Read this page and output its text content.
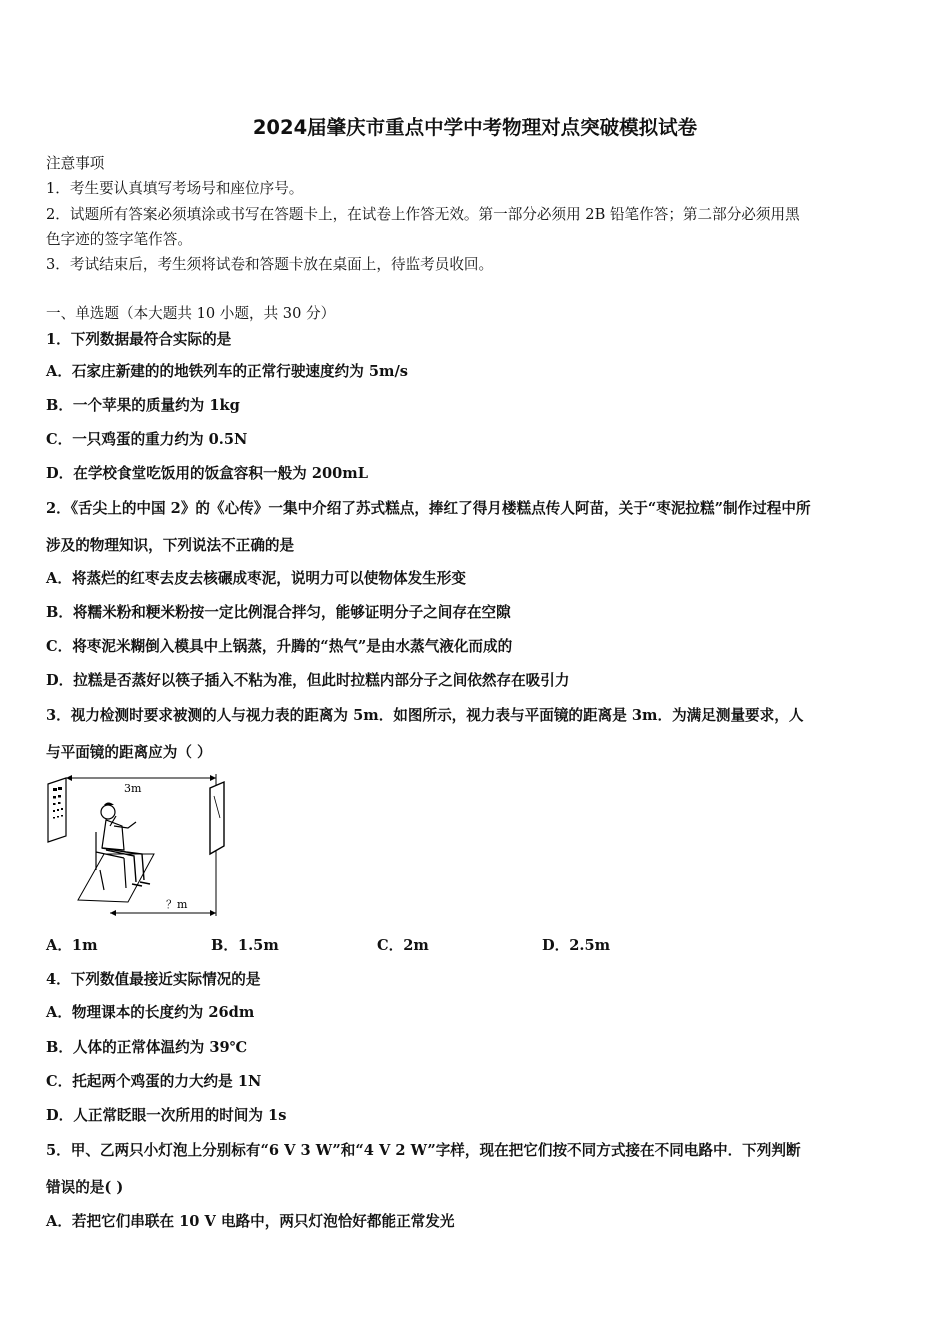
2024届肇庆市重点中学中考物理对点突破模拟试卷
注意事项
1．考生要认真填写考场号和座位序号。
2．试题所有答案必须填涂或书写在答题卡上，在试卷上作答无效。第一部分必须用 2B 铅笔作答；第二部分必须用黑
色字迹的签字笔作答。
3．考试结束后，考生须将试卷和答题卡放在桌面上，待监考员收回。
一、单选题（本大题共 10 小题，共 30 分）
1．下列数据最符合实际的是
A．石家庄新建的的地铁列车的正常行驶速度约为 5m/s
B．一个苹果的质量约为 1kg
C．一只鸡蛋的重力约为 0.5N
D．在学校食堂吃饭用的饭盒容积一般为 200mL
2．《舌尖上的中国 2》的《心传》一集中介绍了苏式糕点，捧红了得月楼糕点传人阿苗，关于“枣泥拉糕”制作过程中所
涉及的物理知识，下列说法不正确的是
A．将蒸烂的红枣去皮去核碾成枣泥，说明力可以使物体发生形变
B．将糯米粉和粳米粉按一定比例混合拌匀，能够证明分子之间存在空隙
C．将枣泥米糊倒入模具中上锅蒸，升腾的“热气”是由水蒸气液化而成的
D．拉糕是否蒸好以筷子插入不粘为准，但此时拉糕内部分子之间依然存在吸引力
3．视力检测时要求被测的人与视力表的距离为 5m．如图所示，视力表与平面镜的距离是 3m．为满足测量要求，人
与平面镜的距离应为（ ）
3m
？m
A．1m	B．1.5m	C．2m	D．2.5m
4．下列数值最接近实际情况的是
A．物理课本的长度约为 26dm
B．人体的正常体温约为 39℃
C．托起两个鸡蛋的力大约是 1N
D．人正常眨眼一次所用的时间为 1s
5．甲、乙两只小灯泡上分别标有“6 V 3 W”和“4 V 2 W”字样，现在把它们按不同方式接在不同电路中．下列判断
错误的是( )
A．若把它们串联在 10 V 电路中，两只灯泡恰好都能正常发光
